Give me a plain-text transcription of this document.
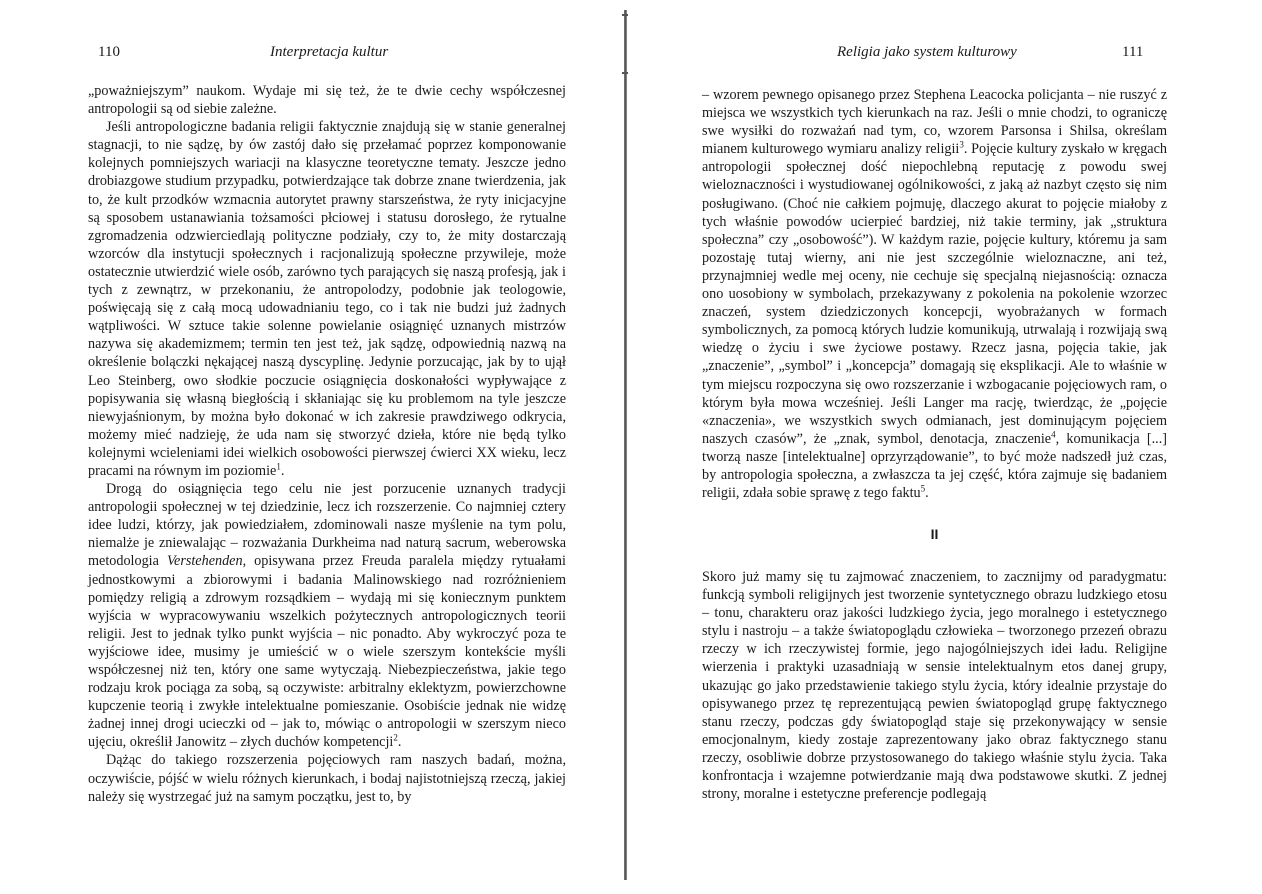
110	Interpretacja kultur

„poważniejszym” naukom. Wydaje mi się też, że te dwie cechy współczesnej antropologii są od siebie zależne.

Jeśli antropologiczne badania religii faktycznie znajdują się w stanie generalnej stagnacji, to nie sądzę, by ów zastój dało się przełamać poprzez komponowanie kolejnych pomniejszych wariacji na klasyczne teoretyczne tematy. Jeszcze jedno drobiazgowe studium przypadku, potwierdzające tak dobrze znane twierdzenia, jak to, że kult przodków wzmacnia autorytet prawny starszeństwa, że ryty inicjacyjne są sposobem ustanawiania tożsamości płciowej i statusu dorosłego, że rytualne zgromadzenia odzwierciedlają polityczne podziały, czy to, że mity dostarczają wzorców dla instytucji społecznych i racjonalizują społeczne przywileje, może ostatecznie utwierdzić wiele osób, zarówno tych parających się naszą profesją, jak i tych z zewnątrz, w przekonaniu, że antropolodzy, podobnie jak teologowie, poświęcają się z całą mocą udowadnianiu tego, co i tak nie budzi już żadnych wątpliwości. W sztuce takie solenne powielanie osiągnięć uznanych mistrzów nazywa się akademizmem; termin ten jest też, jak sądzę, odpowiednią nazwą na określenie bolączki nękającej naszą dyscyplinę. Jedynie porzucając, jak by to ujął Leo Steinberg, owo słodkie poczucie osiągnięcia doskonałości wypływające z popisywania się własną biegłością i skłaniając się ku problemom na tyle jeszcze niewyjaśnionym, by można było dokonać w ich zakresie prawdziwego odkrycia, możemy mieć nadzieję, że uda nam się stworzyć dzieła, które nie będą tylko kolejnymi wcieleniami idei wielkich osobowości pierwszej ćwierci XX wieku, lecz pracami na równym im poziomie$^1$.

Drogą do osiągnięcia tego celu nie jest porzucenie uznanych tradycji antropologii społecznej w tej dziedzinie, lecz ich rozszerzenie. Co najmniej cztery idee ludzi, którzy, jak powiedziałem, zdominowali nasze myślenie na tym polu, niemalże je zniewalając – rozważania Durkheima nad naturą sacrum, weberowska metodologia Verstehenden, opisywana przez Freuda paralela między rytuałami jednostkowymi a zbiorowymi i badania Malinowskiego nad rozróżnieniem pomiędzy religią a zdrowym rozsądkiem – wydają mi się koniecznym punktem wyjścia w wypracowywaniu wszelkich pożytecznych antropologicznych teorii religii. Jest to jednak tylko punkt wyjścia – nic ponadto. Aby wykroczyć poza te wyjściowe idee, musimy je umieścić w o wiele szerszym kontekście myśli współczesnej niż ten, który one same wytyczają. Niebezpieczeństwa, jakie tego rodzaju krok pociąga za sobą, są oczywiste: arbitralny eklektyzm, powierzchowne kupczenie teorią i zwykłe intelektualne pomieszanie. Osobiście jednak nie widzę żadnej innej drogi ucieczki od – jak to, mówiąc o antropologii w szerszym nieco ujęciu, określił Janowitz – złych duchów kompetencji$^2$.

Dążąc do takiego rozszerzenia pojęciowych ram naszych badań, można, oczywiście, pójść w wielu różnych kierunkach, i bodaj najistotniejszą rzeczą, jakiej należy się wystrzegać już na samym początku, jest to, by

Religia jako system kulturowy	111

– wzorem pewnego opisanego przez Stephena Leacocka policjanta – nie ruszyć z miejsca we wszystkich tych kierunkach na raz. Jeśli o mnie chodzi, to ograniczę swe wysiłki do rozważań nad tym, co, wzorem Parsonsa i Shilsa, określam mianem kulturowego wymiaru analizy religii$^3$. Pojęcie kultury zyskało w kręgach antropologii społecznej dość niepochlebną reputację z powodu swej wieloznaczności i wystudiowanej ogólnikowości, z jaką aż nazbyt często się nim posługiwano. (Choć nie całkiem pojmuję, dlaczego akurat to pojęcie miałoby z tych właśnie powodów ucierpieć bardziej, niż takie terminy, jak „struktura społeczna” czy „osobowość”). W każdym razie, pojęcie kultury, któremu ja sam pozostaję tutaj wierny, ani nie jest szczególnie wieloznaczne, ani też, przynajmniej wedle mej oceny, nie cechuje się specjalną niejasnością: oznacza ono uosobiony w symbolach, przekazywany z pokolenia na pokolenie wzorzec znaczeń, system dziedziczonych koncepcji, wyobrażanych w formach symbolicznych, za pomocą których ludzie komunikują, utrwalają i rozwijają swą wiedzę o życiu i swe życiowe postawy. Rzecz jasna, pojęcia takie, jak „znaczenie”, „symbol” i „koncepcja” domagają się eksplikacji. Ale to właśnie w tym miejscu rozpoczyna się owo rozszerzanie i wzbogacanie pojęciowych ram, o którym była mowa wcześniej. Jeśli Langer ma rację, twierdząc, że „pojęcie «znaczenia», we wszystkich swych odmianach, jest dominującym pojęciem naszych czasów”, że „znak, symbol, denotacja, znaczenie$^4$, komunikacja [...] tworzą nasze [intelektualne] oprzyrządowanie”, to być może nadszedł już czas, by antropologia społeczna, a zwłaszcza ta jej część, która zajmuje się badaniem religii, zdała sobie sprawę z tego faktu$^5$.

II

Skoro już mamy się tu zajmować znaczeniem, to zacznijmy od paradygmatu: funkcją symboli religijnych jest tworzenie syntetycznego obrazu ludzkiego etosu – tonu, charakteru oraz jakości ludzkiego życia, jego moralnego i estetycznego stylu i nastroju – a także światopoglądu człowieka – tworzonego przezeń obrazu rzeczy w ich rzeczywistej formie, jego najogólniejszych idei ładu. Religijne wierzenia i praktyki uzasadniają w sensie intelektualnym etos danej grupy, ukazując go jako przedstawienie takiego stylu życia, który idealnie przystaje do opisywanego przez tę reprezentującą pewien światopogląd grupę faktycznego stanu rzeczy, podczas gdy światopogląd staje się przekonywający w sensie emocjonalnym, kiedy zostaje zaprezentowany jako obraz faktycznego stanu rzeczy, osobliwie dobrze przystosowanego do takiego właśnie stylu życia. Taka konfrontacja i wzajemne potwierdzanie mają dwa podstawowe skutki. Z jednej strony, moralne i estetyczne preferencje podlegają
